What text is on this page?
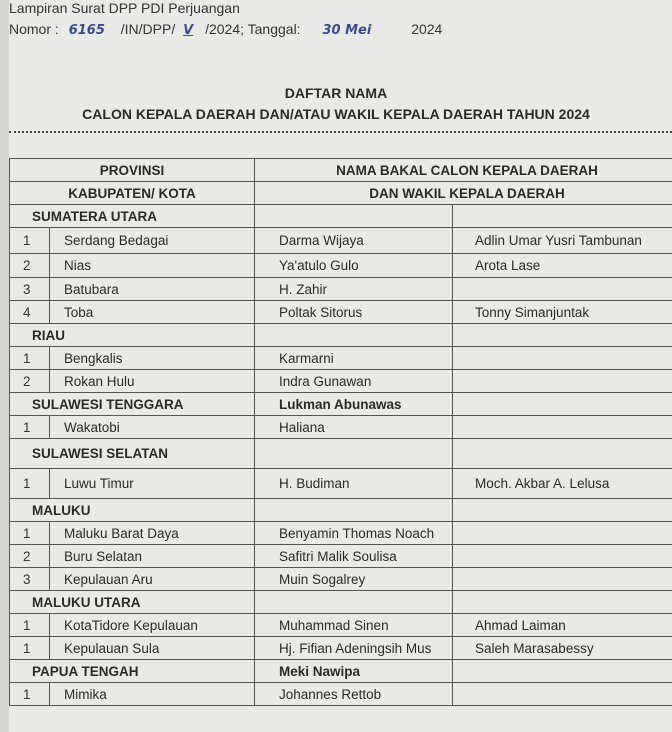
Lampiran Surat DPP PDI Perjuangan
Nomor : 6165 /IN/DPP/ V /2024; Tanggal: 30 Mei	2024
DAFTAR NAMA
CALON KEPALA DAERAH DAN/ATAU WAKIL KEPALA DAERAH TAHUN 2024
PROVINSI		NAMA BAKAL CALON KEPALA DAERAH	
KABUPATEN/ KOTA		DAN WAKIL KEPALA DAERAH	
SUMATERA UTARA			
1	Serdang Bedagai	Darma Wijaya	Adlin Umar Yusri Tambunan
2	Nias	Ya'atulo Gulo	Arota Lase
3	Batubara	H. Zahir	
4	Toba	Poltak Sitorus	Tonny Simanjuntak
RIAU			
1	Bengkalis	Karmarni	
2	Rokan Hulu	Indra Gunawan	
SULAWESI TENGGARA		Lukman Abunawas	
1	Wakatobi	Haliana	
SULAWESI SELATAN			
1	Luwu Timur	H. Budiman	Moch. Akbar A. Lelusa
MALUKU			
1	Maluku Barat Daya	Benyamin Thomas Noach	
2	Buru Selatan	Safitri Malik Soulisa	
3	Kepulauan Aru	Muin Sogalrey	
MALUKU UTARA			
1	KotaTidore Kepulauan	Muhammad Sinen	Ahmad Laiman
1	Kepulauan Sula	Hj. Fifian Adeningsih Mus	Saleh Marasabessy
PAPUA TENGAH		Meki Nawipa	
1	Mimika	Johannes Rettob	
